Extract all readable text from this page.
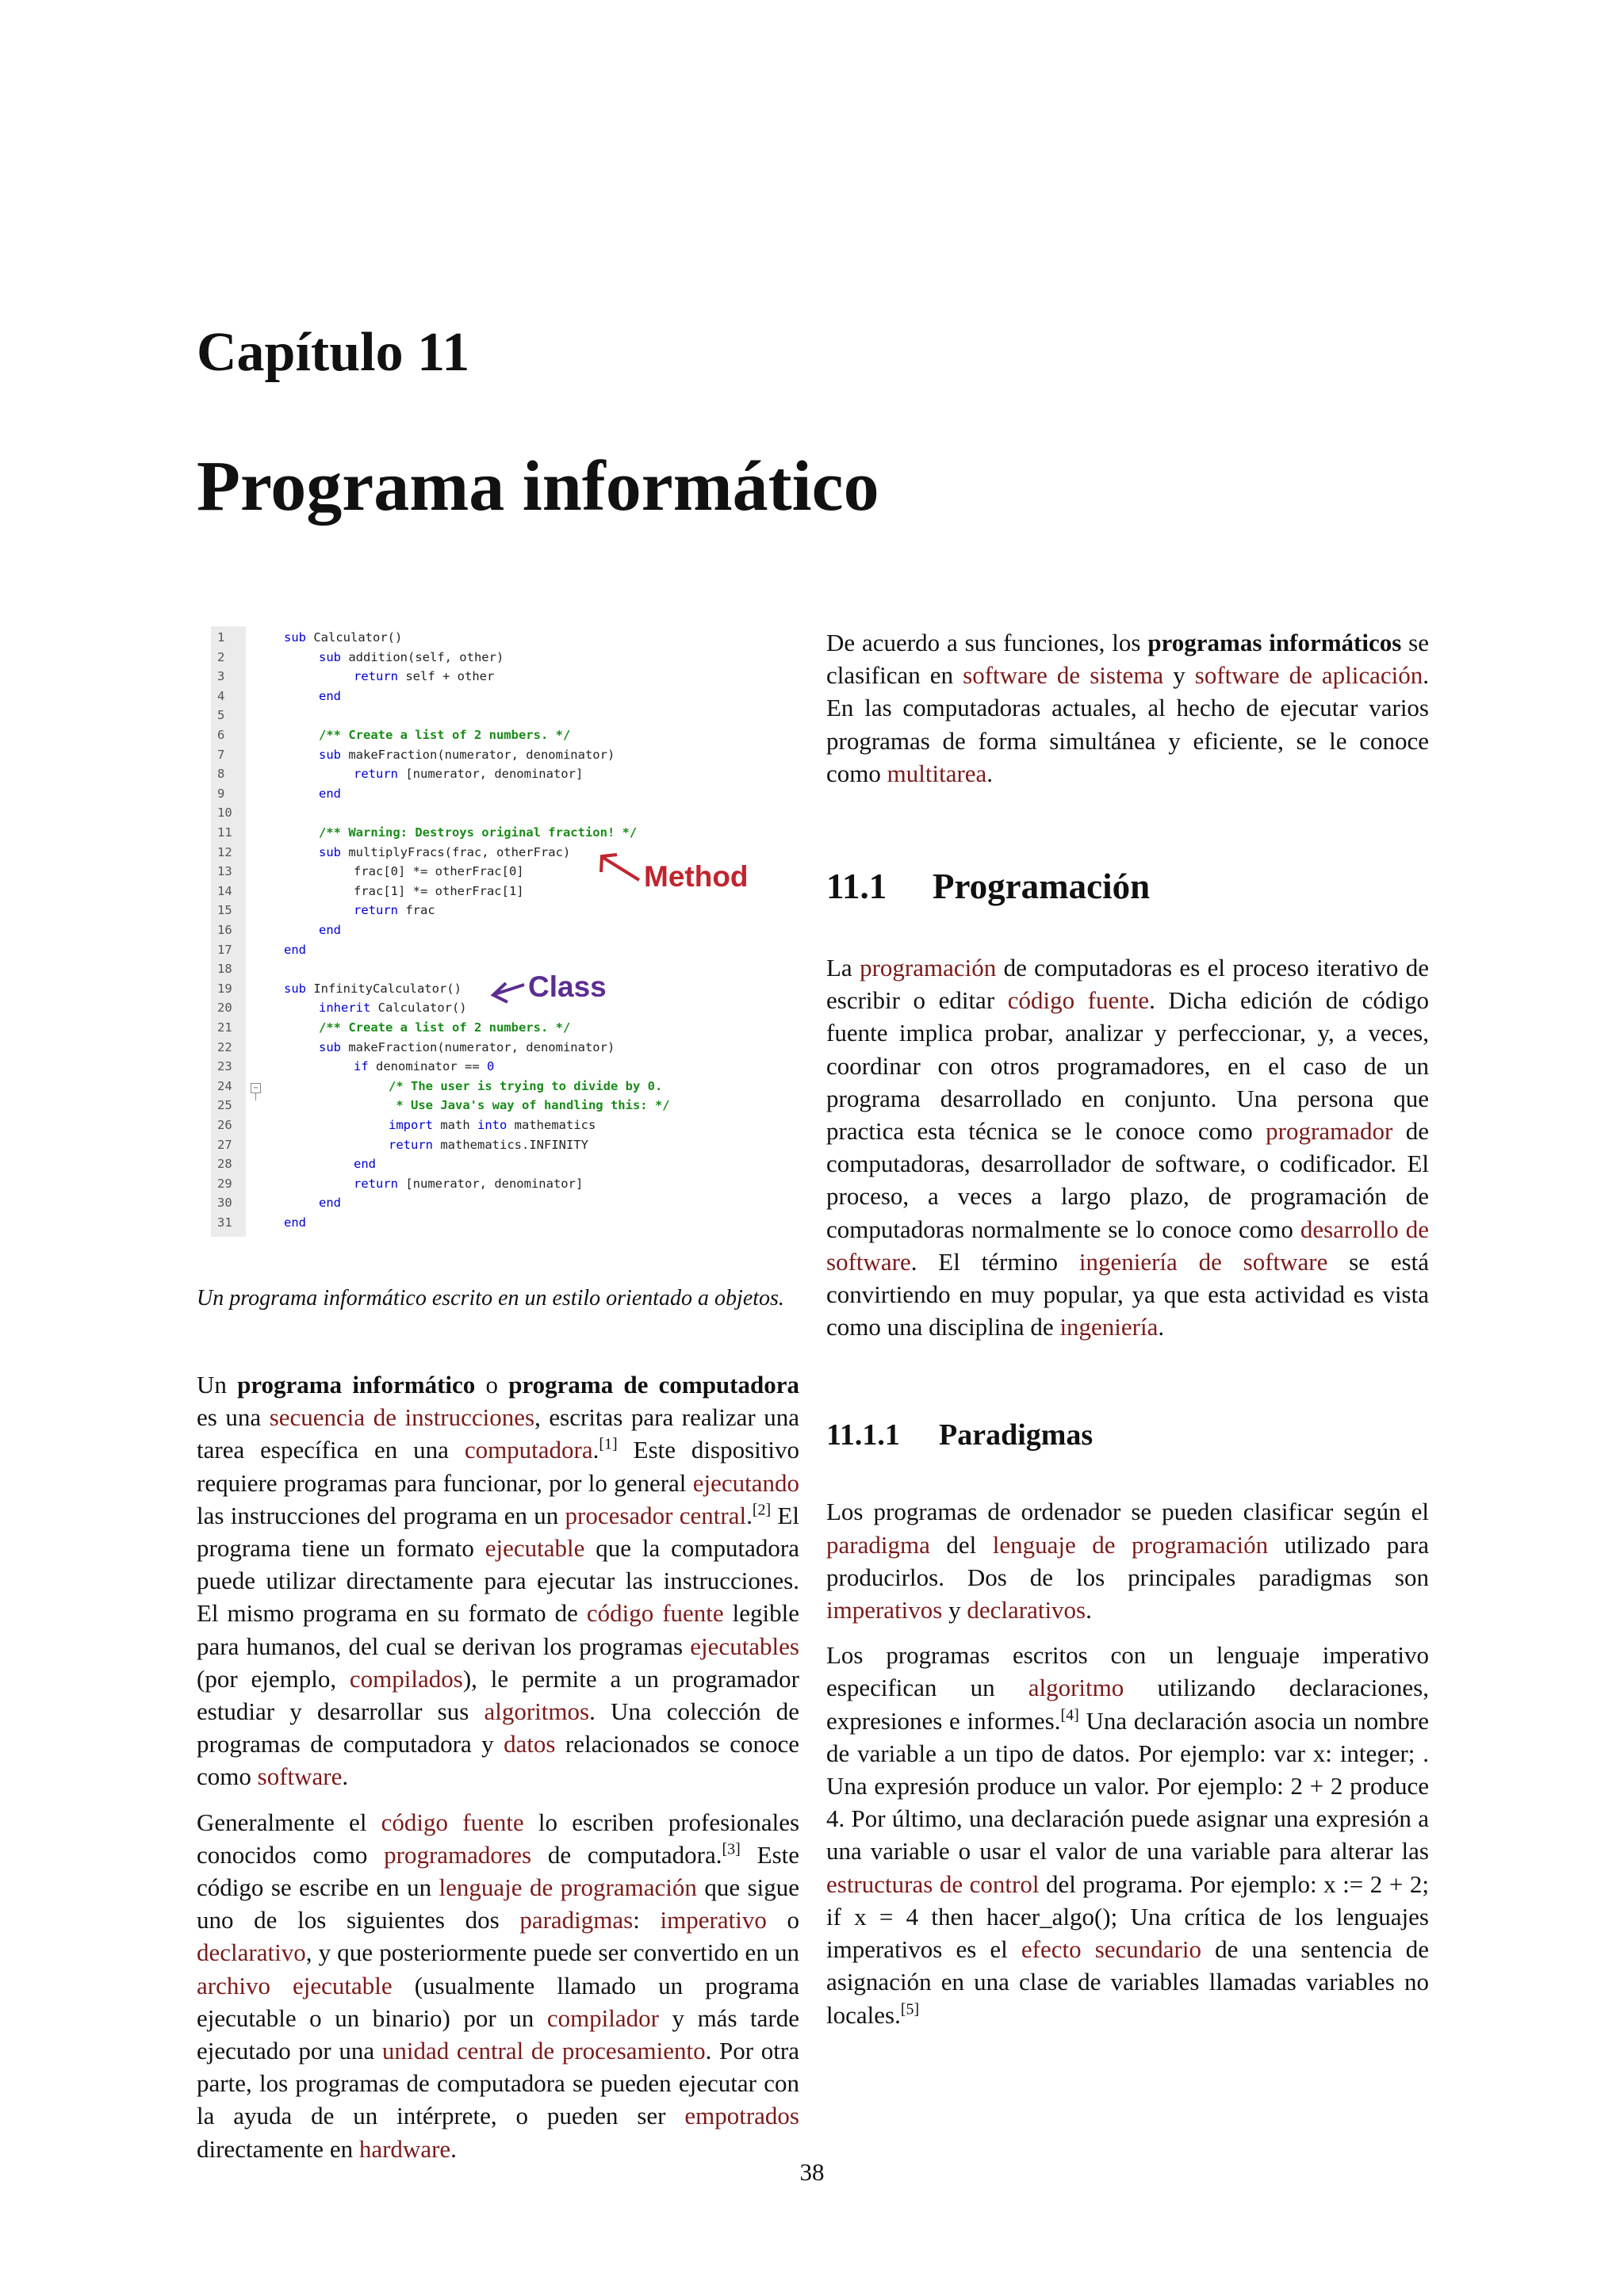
Capítulo 11
Programa informático
−
1	sub Calculator()
2	sub addition(self, other)
3	return self + other
4	end
5
6	/** Create a list of 2 numbers. */
7	sub makeFraction(numerator, denominator)
8	return [numerator, denominator]
9	end
10
11	/** Warning: Destroys original fraction! */
12	sub multiplyFracs(frac, otherFrac)
13	frac[0] *= otherFrac[0]
14	frac[1] *= otherFrac[1]
15	return frac
16	end
17	end
18
19	sub InfinityCalculator()
20	inherit Calculator()
21	/** Create a list of 2 numbers. */
22	sub makeFraction(numerator, denominator)
23	if denominator == 0
24	/* The user is trying to divide by 0.
25	* Use Java's way of handling this: */
26	import math into mathematics
27	return mathematics.INFINITY
28	end
29	return [numerator, denominator]
30	end
31	end
Method
Class
Un programa informático escrito en un estilo orientado a objetos.

Un programa informático o programa de computadora es una secuencia de instrucciones, escritas para realizar una tarea específica en una computadora.[1] Este dispositivo requiere programas para funcionar, por lo general ejecutando las instrucciones del programa en un procesador central.[2] El programa tiene un formato ejecutable que la computadora puede utilizar directamente para ejecutar las instrucciones. El mismo programa en su formato de código fuente legible para humanos, del cual se derivan los programas ejecutables (por ejemplo, compilados), le permite a un programador estudiar y desarrollar sus algoritmos. Una colección de programas de computadora y datos relacionados se conoce como software.

Generalmente el código fuente lo escriben profesionales conocidos como programadores de computadora.[3] Este código se escribe en un lenguaje de programación que sigue uno de los siguientes dos paradigmas: imperativo o declarativo, y que posteriormente puede ser convertido en un archivo ejecutable (usualmente llamado un programa ejecutable o un binario) por un compilador y más tarde ejecutado por una unidad central de procesamiento. Por otra parte, los programas de computadora se pueden ejecutar con la ayuda de un intérprete, o pueden ser empotrados directamente en hardware.

De acuerdo a sus funciones, los programas informáticos se clasifican en software de sistema y software de aplicación. En las computadoras actuales, al hecho de ejecutar varios programas de forma simultánea y eficiente, se le conoce como multitarea.

11.1 Programación

La programación de computadoras es el proceso iterativo de escribir o editar código fuente. Dicha edición de código fuente implica probar, analizar y perfeccionar, y, a veces, coordinar con otros programadores, en el caso de un programa desarrollado en conjunto. Una persona que practica esta técnica se le conoce como programador de computadoras, desarrollador de software, o codificador. El proceso, a veces a largo plazo, de programación de computadoras normalmente se lo conoce como desarrollo de software. El término ingeniería de software se está convirtiendo en muy popular, ya que esta actividad es vista como una disciplina de ingeniería.

11.1.1 Paradigmas

Los programas de ordenador se pueden clasificar según el paradigma del lenguaje de programación utilizado para producirlos. Dos de los principales paradigmas son imperativos y declarativos.

Los programas escritos con un lenguaje imperativo especifican un algoritmo utilizando declaraciones, expresiones e informes.[4] Una declaración asocia un nombre de variable a un tipo de datos. Por ejemplo: var x: integer; . Una expresión produce un valor. Por ejemplo: 2 + 2 produce 4. Por último, una declaración puede asignar una expresión a una variable o usar el valor de una variable para alterar las estructuras de control del programa. Por ejemplo: x := 2 + 2; if x = 4 then hacer_algo(); Una crítica de los lenguajes imperativos es el efecto secundario de una sentencia de asignación en una clase de variables llamadas variables no locales.[5]

38
